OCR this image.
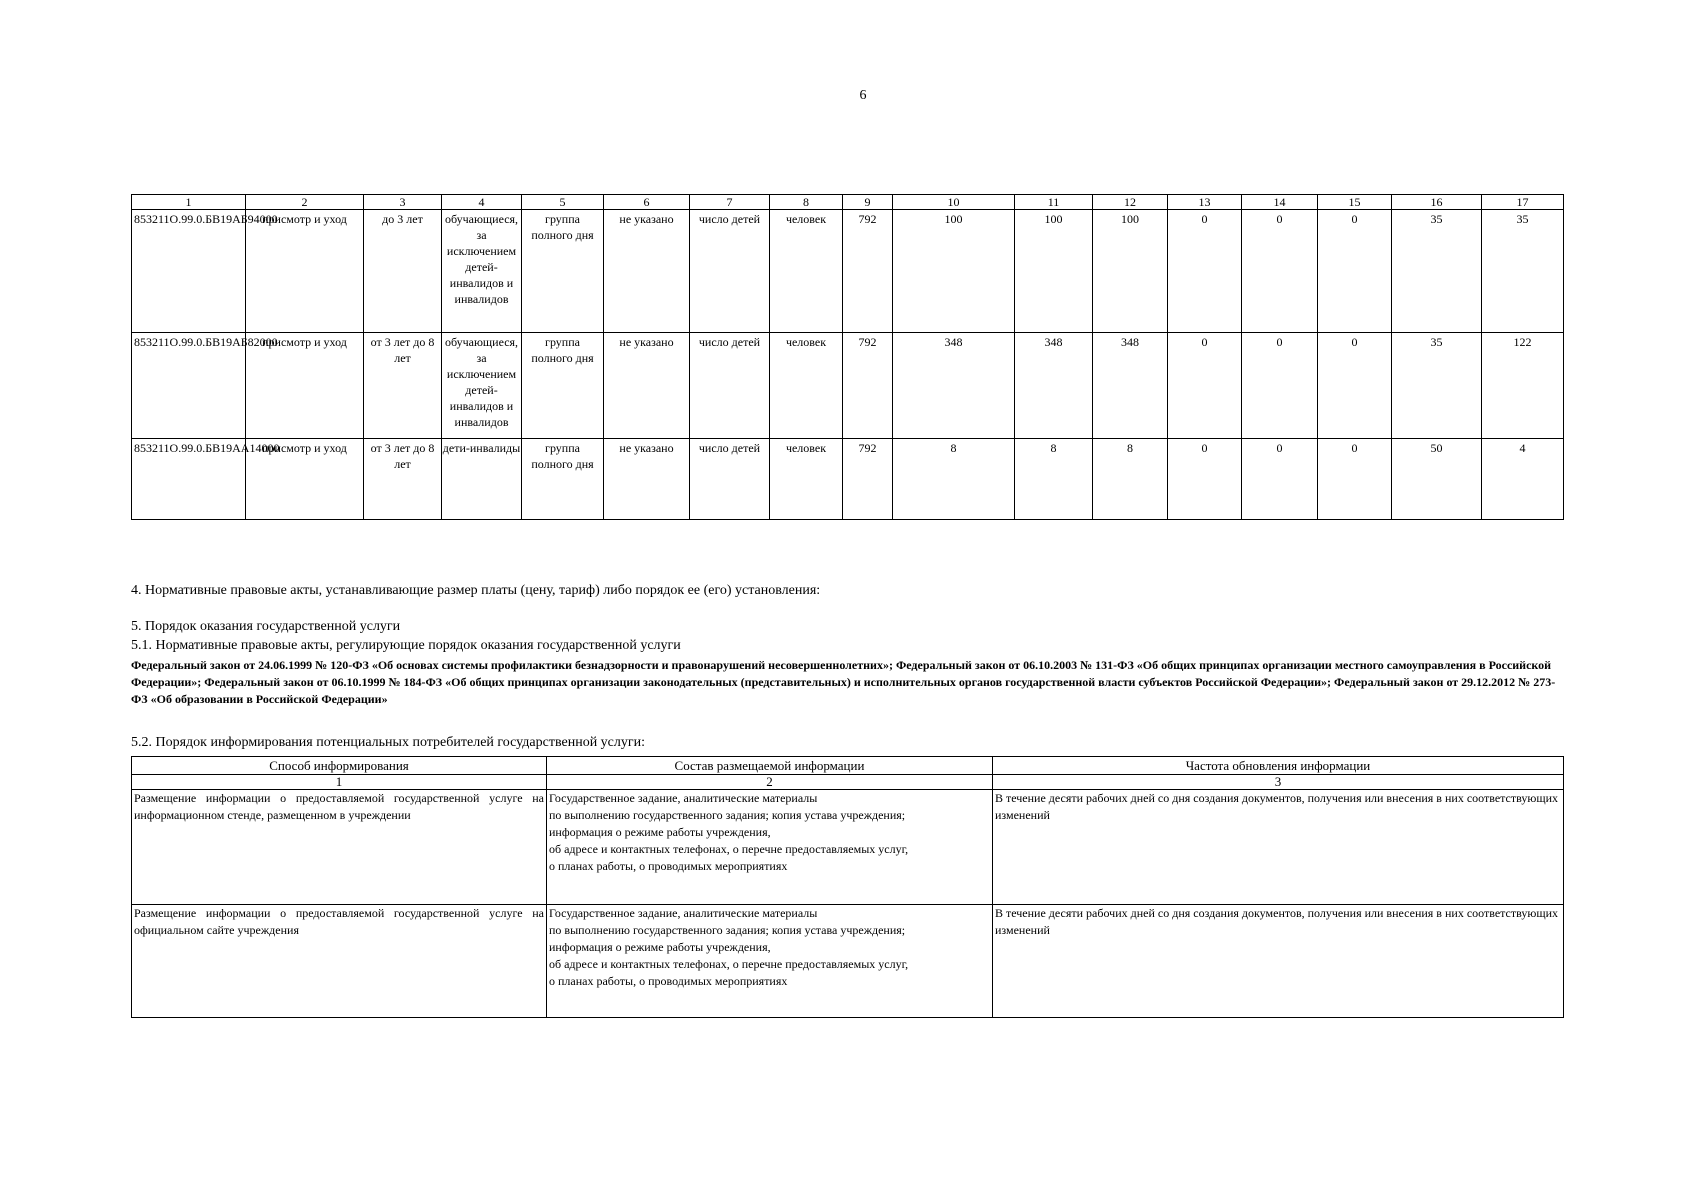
6
1	2	3	4	5	6	7	8	9	10	11	12	13	14	15	16	17
853211О.99.0.БВ19АБ94000	присмотр и уход	до 3 лет	обучающиеся, за исключением детей-инвалидов и инвалидов	группа полного дня	не указано	число детей	человек	792	100	100	100	0	0	0	35	35
853211О.99.0.БВ19АБ82000	присмотр и уход	от 3 лет до 8 лет	обучающиеся, за исключением детей-инвалидов и инвалидов	группа полного дня	не указано	число детей	человек	792	348	348	348	0	0	0	35	122
853211О.99.0.БВ19АА14000	присмотр и уход	от 3 лет до 8 лет	дети-инвалиды	группа полного дня	не указано	число детей	человек	792	8	8	8	0	0	0	50	4
4. Нормативные правовые акты, устанавливающие размер платы (цену, тариф) либо порядок ее (его) установления:
5. Порядок оказания государственной услуги
5.1. Нормативные правовые акты, регулирующие порядок оказания государственной услуги
Федеральный закон от 24.06.1999 № 120-ФЗ «Об основах системы профилактики безнадзорности и правонарушений несовершеннолетних»; Федеральный закон от 06.10.2003 № 131-ФЗ «Об общих принципах организации местного самоуправления в Российской Федерации»; Федеральный закон от 06.10.1999 № 184-ФЗ «Об общих принципах организации законодательных (представительных) и исполнительных органов государственной власти субъектов Российской Федерации»; Федеральный закон от 29.12.2012 № 273-ФЗ «Об образовании в Российской Федерации»
5.2. Порядок информирования потенциальных потребителей государственной услуги:
Способ информирования	Состав размещаемой информации	Частота обновления информации
1	2	3
Размещение информации о предоставляемой государственной услуге на информационном стенде, размещенном в учреждении	Государственное задание, аналитические материалы
по выполнению государственного задания; копия устава учреждения;
информация о режиме работы учреждения,
об адресе и контактных телефонах, о перечне предоставляемых услуг,
о планах работы, о проводимых мероприятиях	В течение десяти рабочих дней со дня создания документов, получения или внесения в них соответствующих изменений
Размещение информации о предоставляемой государственной услуге на официальном сайте учреждения	Государственное задание, аналитические материалы
по выполнению государственного задания; копия устава учреждения;
информация о режиме работы учреждения,
об адресе и контактных телефонах, о перечне предоставляемых услуг,
о планах работы, о проводимых мероприятиях	В течение десяти рабочих дней со дня создания документов, получения или внесения в них соответствующих изменений
